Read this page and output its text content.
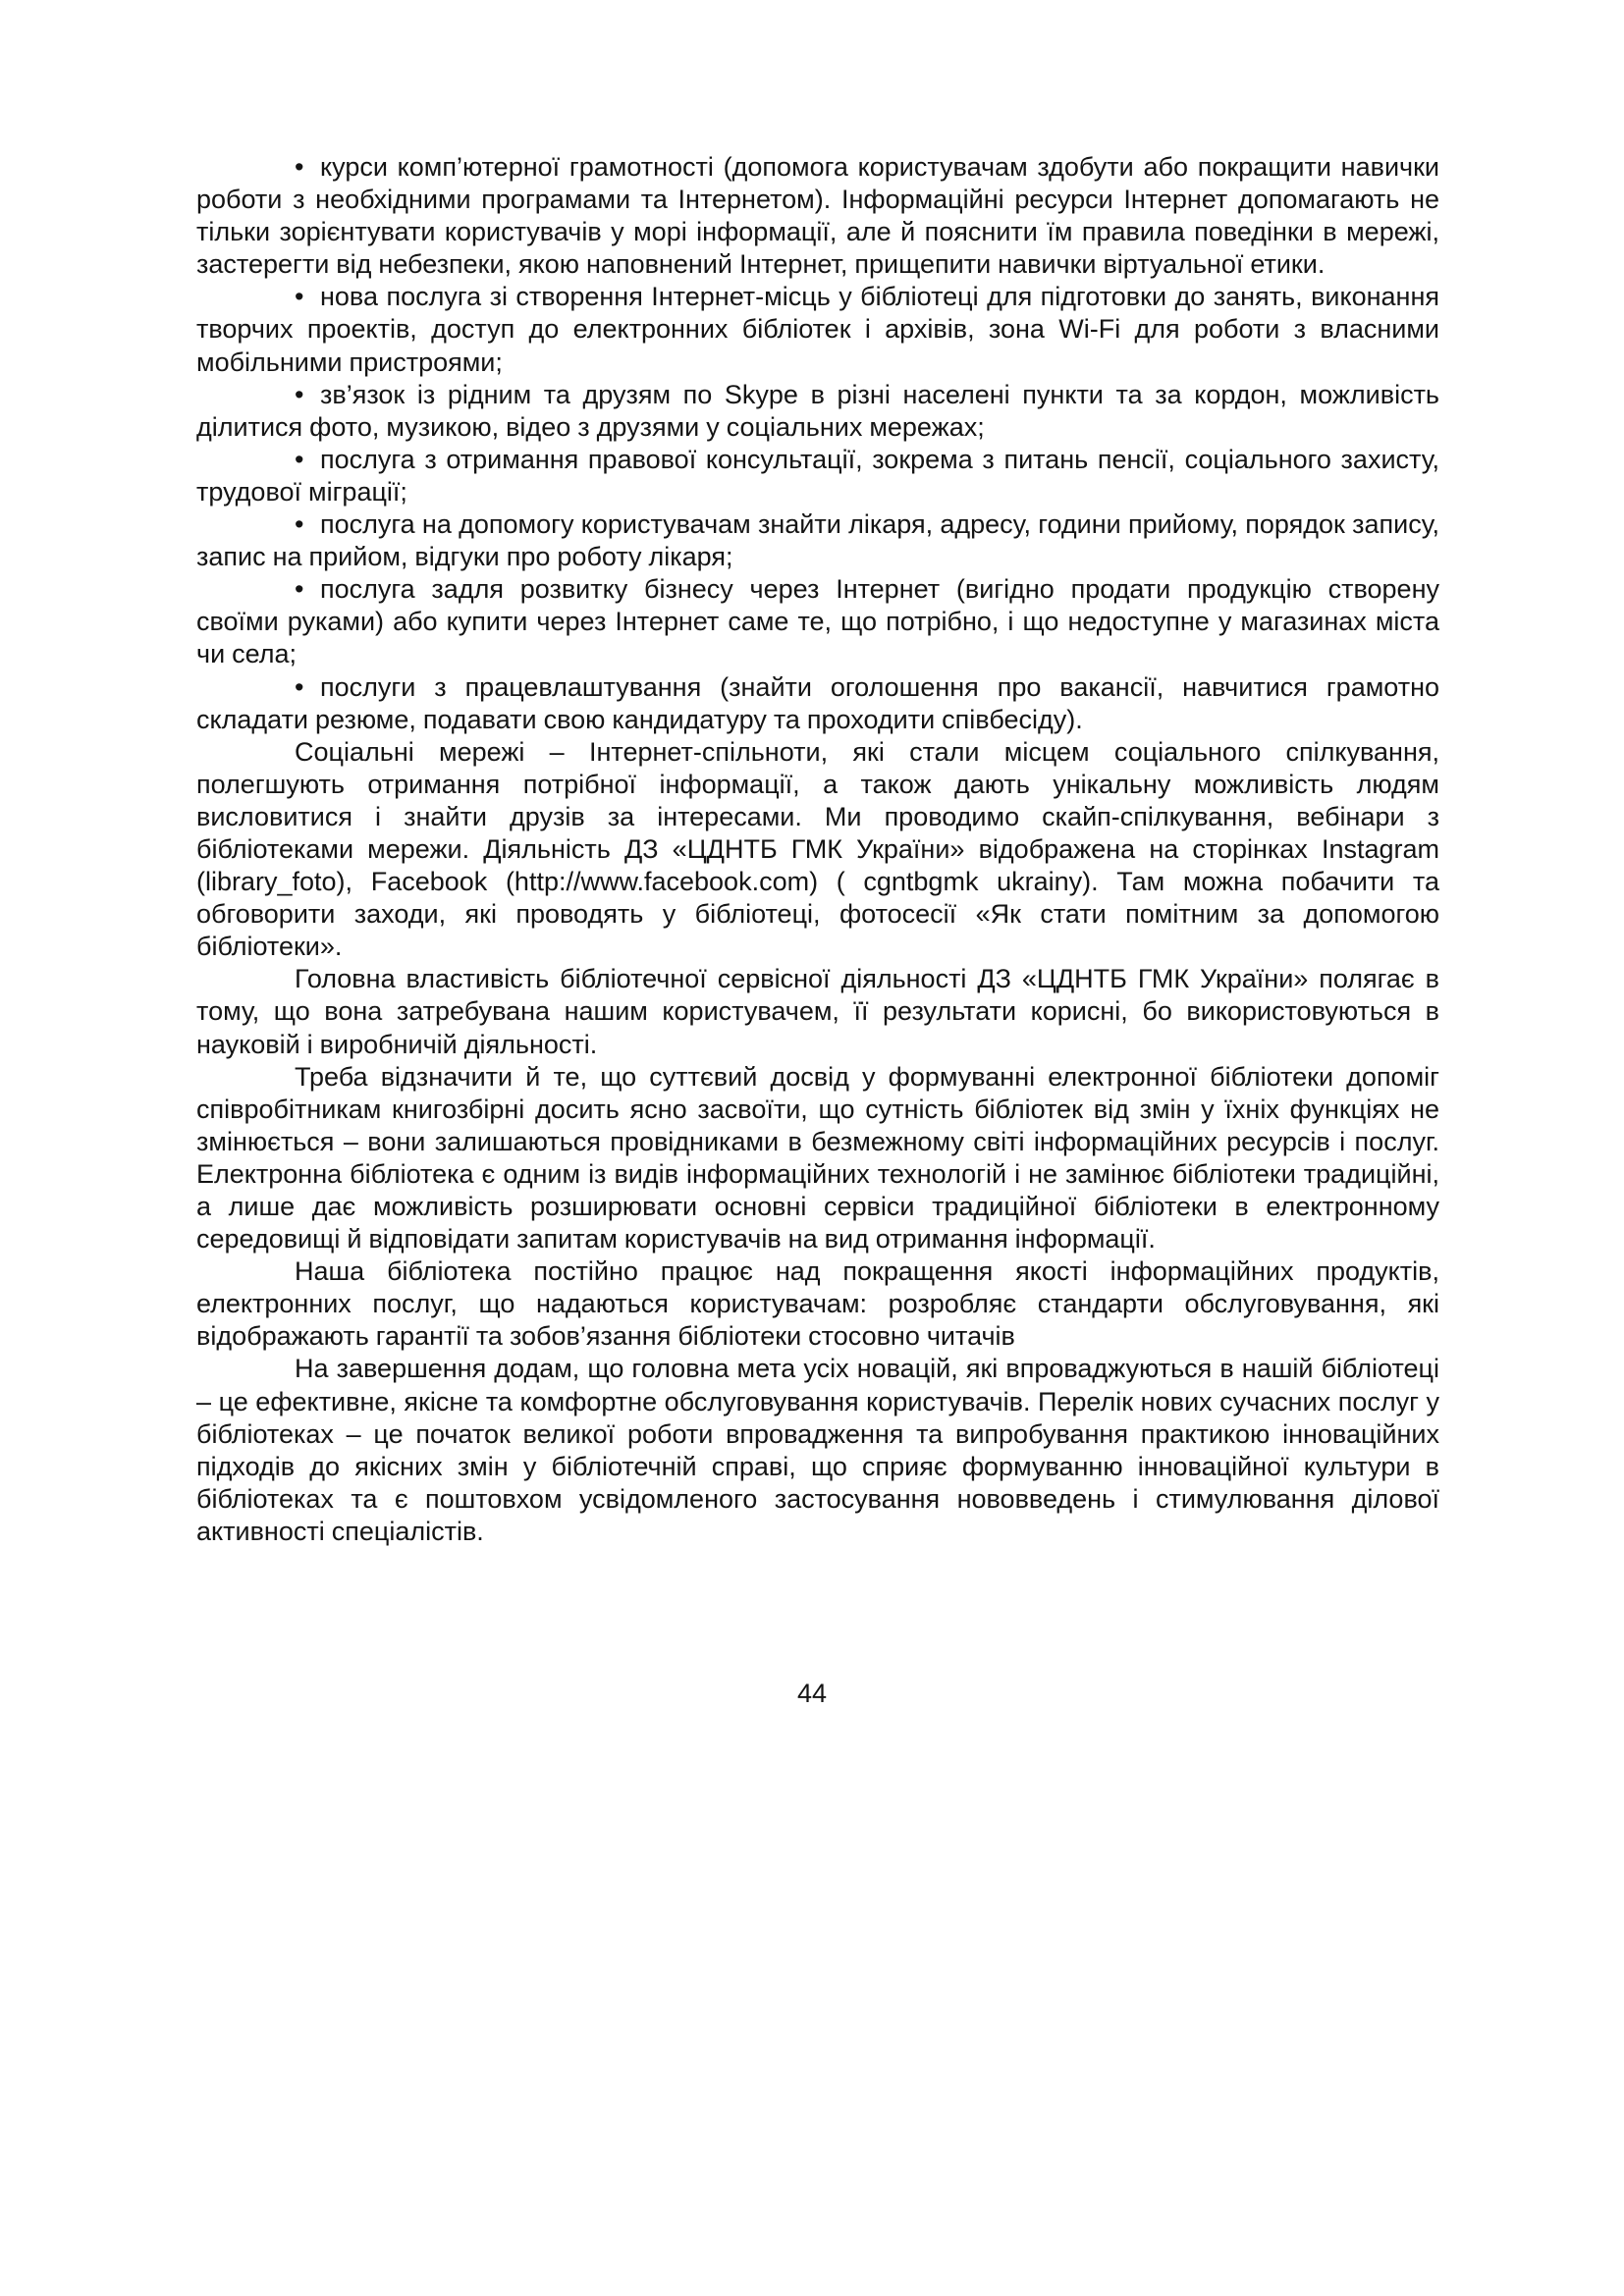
• курси комп’ютерної грамотності (допомога користувачам здобути або покращити навички роботи з необхідними програмами та Інтернетом). Інформаційні ресурси Інтернет допомагають не тільки зорієнтувати користувачів у морі інформації, але й пояснити їм правила поведінки в мережі, застерегти від небезпеки, якою наповнений Інтернет, прищепити навички віртуальної етики.

• нова послуга зі створення Інтернет-місць у бібліотеці для підготовки до занять, виконання творчих проектів, доступ до електронних бібліотек і архівів, зона Wi-Fi для роботи з власними мобільними пристроями;

• зв’язок із рідним та друзям по Skype в різні населені пункти та за кордон, можливість ділитися фото, музикою, відео з друзями у соціальних мережах;

• послуга з отримання правової консультації, зокрема з питань пенсії, соціального захисту, трудової міграції;

• послуга на допомогу користувачам знайти лікаря, адресу, години прийому, порядок запису, запис на прийом, відгуки про роботу лікаря;

• послуга задля розвитку бізнесу через Інтернет (вигідно продати продукцію створену своїми руками) або купити через Інтернет саме те, що потрібно, і що недоступне у магазинах міста чи села;

• послуги з працевлаштування (знайти оголошення про вакансії, навчитися грамотно складати резюме, подавати свою кандидатуру та проходити співбесіду).

Соціальні мережі – Інтернет-спільноти, які стали місцем соціального спілкування, полегшують отримання потрібної інформації, а також дають унікальну можливість людям висловитися і знайти друзів за інтересами. Ми проводимо скайп-спілкування, вебінари з бібліотеками мережи. Діяльність ДЗ «ЦДНТБ ГМК України» відображена на сторінках Instagram (library_foto), Facebook (http://www.facebook.com) ( cgntbgmk ukrainy). Там можна побачити та обговорити заходи, які проводять у бібліотеці, фотосесії «Як стати помітним за допомогою бібліотеки».

Головна властивість бібліотечної сервісної діяльності ДЗ «ЦДНТБ ГМК України» полягає в тому, що вона затребувана нашим користувачем, її результати корисні, бо використовуються в науковій і виробничій діяльності.

Треба відзначити й те, що суттєвий досвід у формуванні електронної бібліотеки допоміг співробітникам книгозбірні досить ясно засвоїти, що сутність бібліотек від змін у їхніх функціях не змінюється – вони залишаються провідниками в безмежному світі інформаційних ресурсів і послуг. Електронна бібліотека є одним із видів інформаційних технологій і не замінює бібліотеки традиційні, а лише дає можливість розширювати основні сервіси традиційної бібліотеки в електронному середовищі й відповідати запитам користувачів на вид отримання інформації.

Наша бібліотека постійно працює над покращення якості інформаційних продуктів, електронних послуг, що надаються користувачам: розробляє стандарти обслуговування, які відображають гарантії та зобов’язання бібліотеки стосовно читачів

На завершення додам, що головна мета усіх новацій, які впроваджуються в нашій бібліотеці – це ефективне, якісне та комфортне обслуговування користувачів. Перелік нових сучасних послуг у бібліотеках – це початок великої роботи впровадження та випробування практикою інноваційних підходів до якісних змін у бібліотечній справі, що сприяє формуванню інноваційної культури в бібліотеках та є поштовхом усвідомленого застосування нововведень і стимулювання ділової активності спеціалістів.

44
